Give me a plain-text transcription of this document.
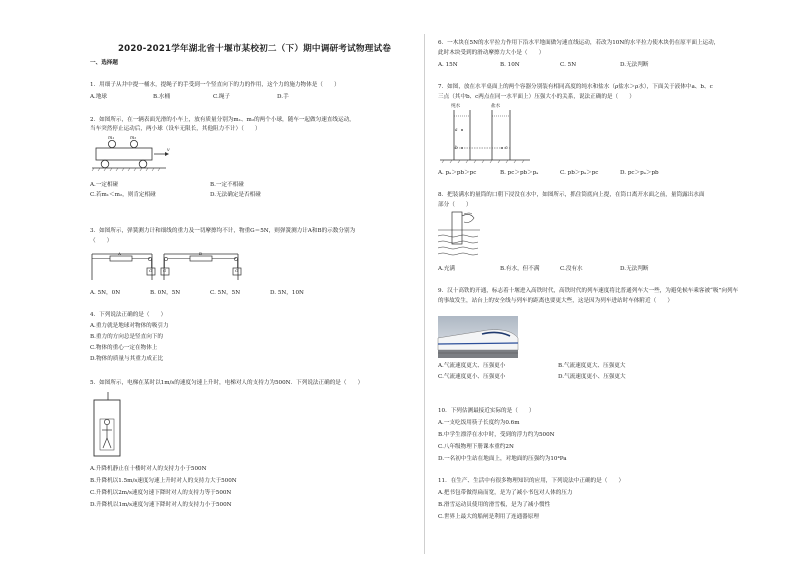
2020-2021学年湖北省十堰市某校初二（下）期中调研考试物理试卷
一、选择题
1．用细子从井中提一桶水，提绳子的手受到一个竖直向下的力的作用，这个力的施力物体是（　　）
A.地球	B.水桶	C.绳子	D.手
2．如图所示，在一辆表面光滑的小车上，放有质量分别为m₁、m₂的两个小球，随车一起做匀速直线运动，
当车突然停止运动后，两小球（设车无限长，其他阻力不计）（　　）
m₁	m₂
v
A.一定相碰	B.一定不相碰
C.若m₁＜m₂，则肯定相碰	D.无法确定是否相碰
3．如图所示，弹簧测力计和细线的重力及一切摩擦均不计，物重G＝5N，则弹簧测力计A和B的示数分别为
（　　）
A	B
G	G	G
A. 5N，0N	B. 0N，5N	C. 5N，5N	D. 5N，10N
4．下列说法正确的是（　　）
A.重力就是地球对物体的吸引力
B.重力的方向总是竖直向下的
C.物体的重心一定在物体上
D.物体的质量与其重力成正比
5．如图所示，电梯在某时以1m/s的速度匀速上升时，电梯对人的支持力为500N．下列说法正确的是（　　）
A.升降机静止在十楼时对人的支持力小于500N
B.升降机以1.5m/s速度匀速上升时对人的支持力大于500N
C.升降机以2m/s速度匀速下降时对人的支持力等于500N
D.升降机以1m/s速度匀速下降时对人的支持力小于500N
6．一木块在5N的水平拉力作用下沿水平地面做匀速直线运动，若改为10N的水平拉力使木块仍在原平面上运动，
此时木块受到的滑动摩擦力大小是（　　）
A. 15N	B. 10N	C. 5N	D.无法判断
7．如图，放在水平桌面上的两个容器分别装有相同高度的纯水和盐水（ρ盐水＞ρ水），下面关于液体中a、b、c
三点（其中b、c两点在同一水平面上）压强大小的关系，说法正确的是（　　）
纯水	盐水
a
b	c
A. pₐ＞pb＞pc	B. pc＞pb＞pₐ	C. pb＞pₐ＞pc	D. pc＞pₐ＞pb
8．把装满水的量筒的口朝下浸没在水中，如图所示，抓住筒底向上提，在筒口离开水面之前，量筒露出水面
部分（　　）
A.充满	B.有水，但不满	C.没有水	D.无法判断
9．汉十高铁的开通，标志着十堰进入高铁时代，高铁时代的列车速度将比普通列车大一些，为避免候车乘客被“吸”向列车
的事故发生，站台上的安全线与列车的距离也要更大些，这是因为列车进站时车体附近（　　）
A.气流速度更大、压强更小	B.气流速度更大、压强更大
C.气流速度更小、压强更小	D.气流速度更小、压强更大
10．下列估测最接近实际的是（　　）
A.一支吃饭用筷子长度约为0.6m
B.中学生漂浮在水中时，受到的浮力约为500N
C.八年级物理下册课本重约2N
D.一名初中生站在地面上，对地面的压强约为10⁴Pa
11．在生产、生活中有很多物理知识的应用，下列说法中正确的是（　　）
A.把书包带做得扁而宽，是为了减小书包对人体的压力
B.滑雪运动员使用的滑雪板，是为了减小惯性
C.世界上最大的船闸是利用了连通器原理
